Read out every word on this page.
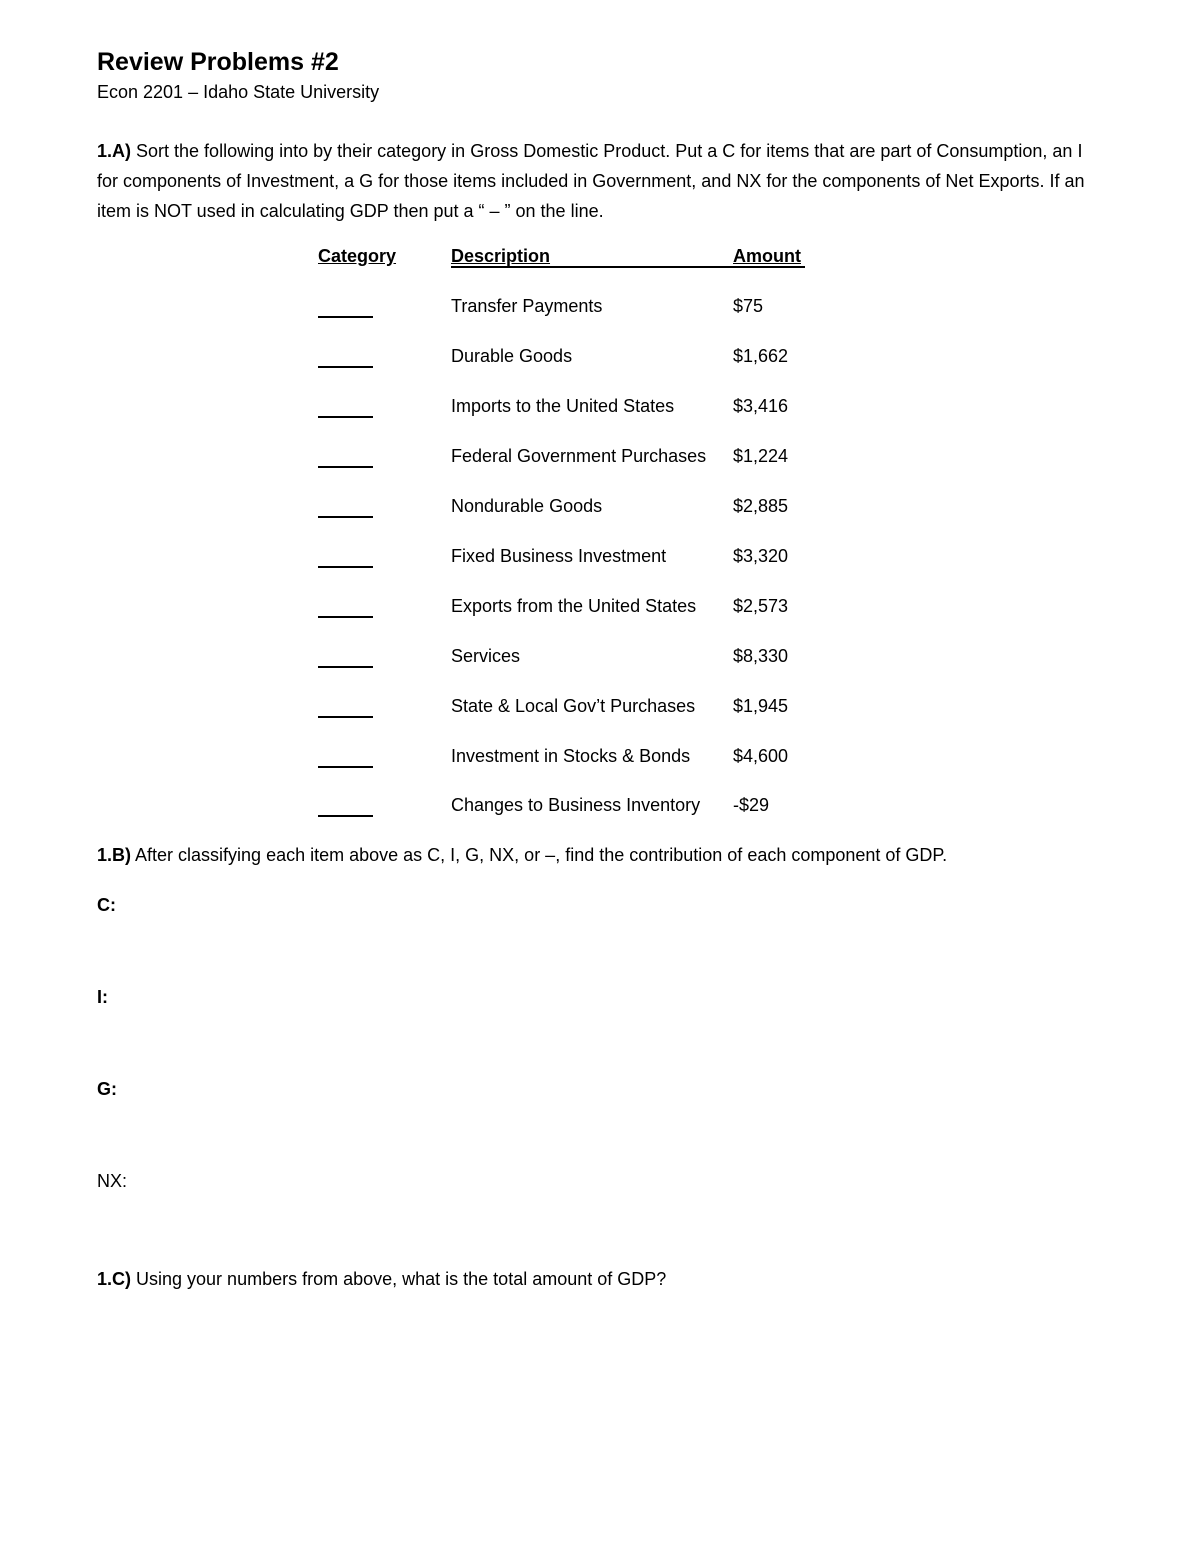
Review Problems #2
Econ 2201 – Idaho State University
1.A) Sort the following into by their category in Gross Domestic Product. Put a C for items that are part of Consumption, an I for components of Investment, a G for those items included in Government, and NX for the components of Net Exports. If an item is NOT used in calculating GDP then put a “ – ” on the line.
Category	Description	Amount
Transfer Payments	$75
Durable Goods	$1,662
Imports to the United States	$3,416
Federal Government Purchases $1,224
Nondurable Goods	$2,885
Fixed Business Investment	$3,320
Exports from the United States $2,573
Services	$8,330
State & Local Gov’t Purchases $1,945
Investment in Stocks & Bonds $4,600
Changes to Business Inventory -$29
1.B) After classifying each item above as C, I, G, NX, or –, find the contribution of each component of GDP.
C:
I:
G:
NX:
1.C) Using your numbers from above, what is the total amount of GDP?
